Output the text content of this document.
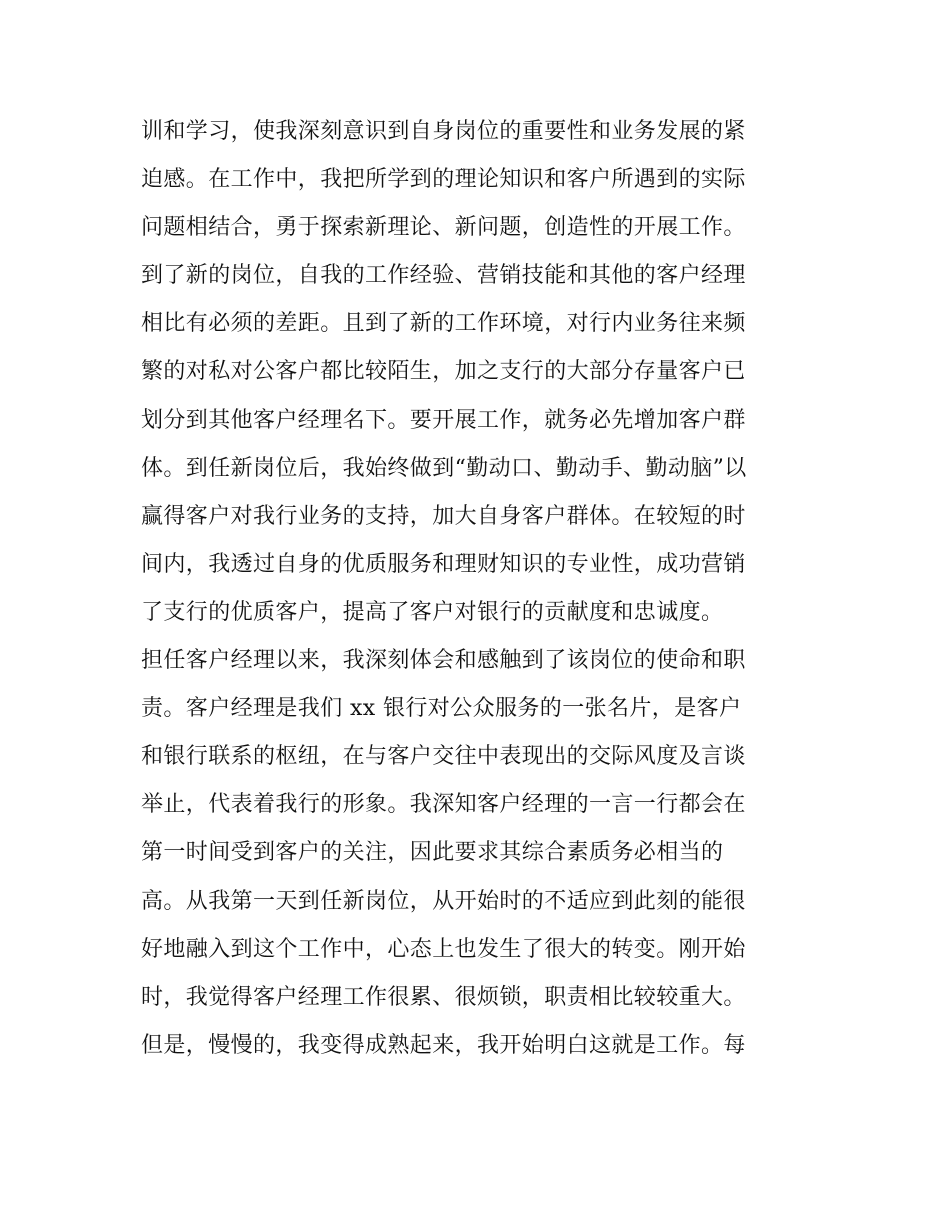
训和学习，使我深刻意识到自身岗位的重要性和业务发展的紧
迫感。在工作中，我把所学到的理论知识和客户所遇到的实际
问题相结合，勇于探索新理论、新问题，创造性的开展工作。
到了新的岗位，自我的工作经验、营销技能和其他的客户经理
相比有必须的差距。且到了新的工作环境，对行内业务往来频
繁的对私对公客户都比较陌生，加之支行的大部分存量客户已
划分到其他客户经理名下。要开展工作，就务必先增加客户群
体。到任新岗位后，我始终做到“勤动口、勤动手、勤动脑”以
赢得客户对我行业务的支持，加大自身客户群体。在较短的时
间内，我透过自身的优质服务和理财知识的专业性，成功营销
了支行的优质客户，提高了客户对银行的贡献度和忠诚度。
担任客户经理以来，我深刻体会和感触到了该岗位的使命和职
责。客户经理是我们 xx 银行对公众服务的一张名片，是客户
和银行联系的枢纽，在与客户交往中表现出的交际风度及言谈
举止，代表着我行的形象。我深知客户经理的一言一行都会在
第一时间受到客户的关注，因此要求其综合素质务必相当的
高。从我第一天到任新岗位，从开始时的不适应到此刻的能很
好地融入到这个工作中，心态上也发生了很大的转变。刚开始
时，我觉得客户经理工作很累、很烦锁，职责相比较较重大。
但是，慢慢的，我变得成熟起来，我开始明白这就是工作。每
